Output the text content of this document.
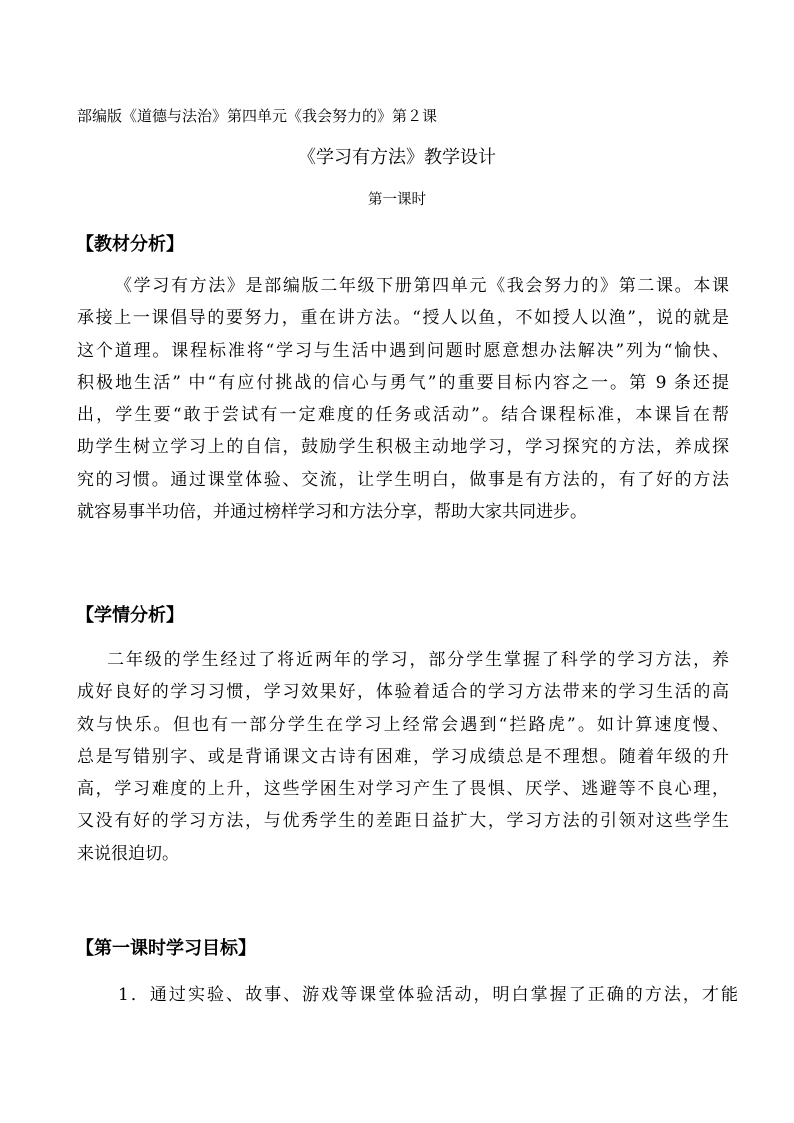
部编版《道德与法治》第四单元《我会努力的》第２课
《学习有方法》教学设计
第一课时
【教材分析】
《学习有方法》是部编版二年级下册第四单元《我会努力的》第二课。本课
承接上一课倡导的要努力，重在讲方法。“授人以鱼，不如授人以渔”，说的就是
这个道理。课程标准将“学习与生活中遇到问题时愿意想办法解决”列为“愉快、
积极地生活” 中“有应付挑战的信心与勇气”的重要目标内容之一。第 9 条还提
出，学生要“敢于尝试有一定难度的任务或活动”。结合课程标准，本课旨在帮
助学生树立学习上的自信，鼓励学生积极主动地学习，学习探究的方法，养成探
究的习惯。通过课堂体验、交流，让学生明白，做事是有方法的，有了好的方法
就容易事半功倍，并通过榜样学习和方法分享，帮助大家共同进步。
【学情分析】
二年级的学生经过了将近两年的学习，部分学生掌握了科学的学习方法，养
成好良好的学习习惯，学习效果好，体验着适合的学习方法带来的学习生活的高
效与快乐。但也有一部分学生在学习上经常会遇到“拦路虎”。如计算速度慢、
总是写错别字、或是背诵课文古诗有困难，学习成绩总是不理想。随着年级的升
高，学习难度的上升，这些学困生对学习产生了畏惧、厌学、逃避等不良心理，
又没有好的学习方法，与优秀学生的差距日益扩大，学习方法的引领对这些学生
来说很迫切。
【第一课时学习目标】
1．通过实验、故事、游戏等课堂体验活动，明白掌握了正确的方法，才能
